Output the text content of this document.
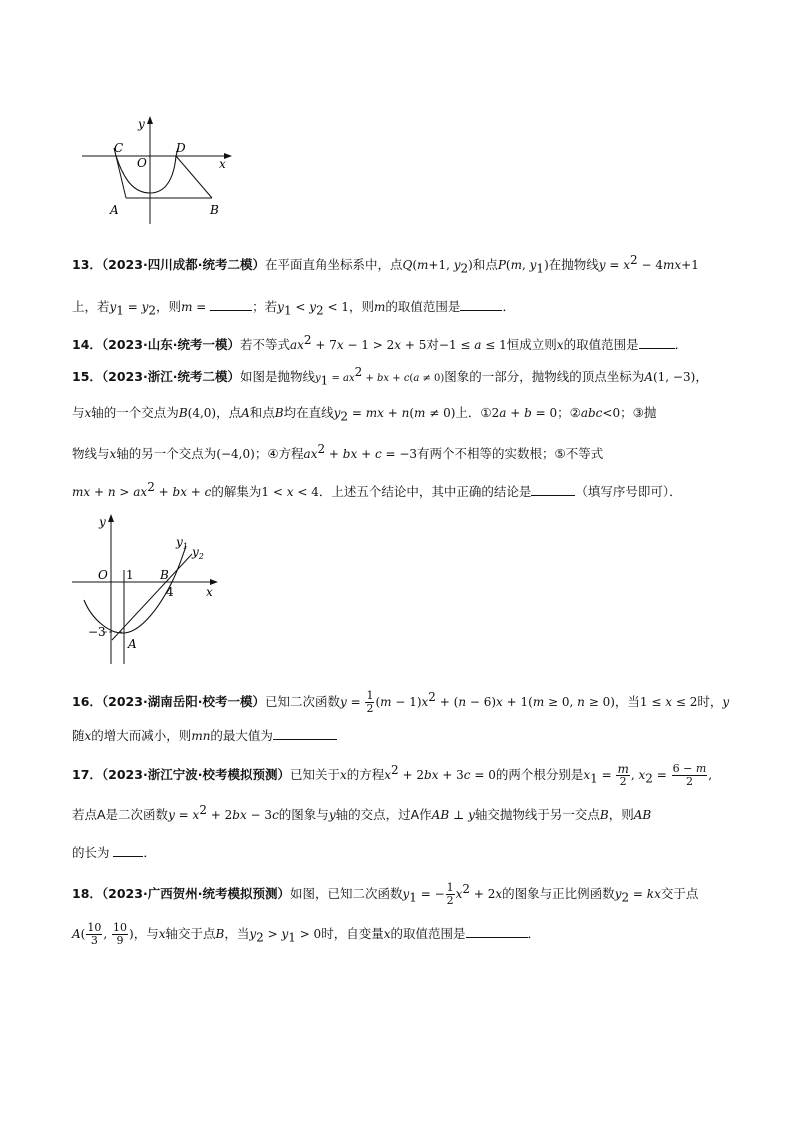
y
x
C
O
D
A	B
13．（2023·四川成都·统考二模）在平面直角坐标系中，点Q(m+1, $y_2$)和点P(m, $y_1$)在抛物线$y = x^2 - 4mx+1$
上，若$y_1 = y_2$，则m =	；若$y_1 < y_2 < 1$，则m的取值范围是	．
14．（2023·山东·统考一模）若不等式$ax^2 + 7x - 1 > 2x + 5$对−1 ≤ a ≤ 1恒成立则x的取值范围是	．
15．（2023·浙江·统考二模）如图是抛物线$y_1 = ax^2$ + bx + c(a ≠ 0)图象的一部分，抛物线的顶点坐标为A(1, −3)，
与x轴的一个交点为B(4,0)，点A和点B均在直线$y_2$ = mx + n(m ≠ 0)上．①2a + b = 0；②abc<0；③抛
物线与x轴的另一个交点为(−4,0)；④方程$ax^2$ + bx + c = −3有两个不相等的实数根；⑤不等式
mx + $n > ax^2$ + bx + c的解集为1 < x < 4．上述五个结论中，其中正确的结论是	（填写序号即可）．
y
x
O 1 B
4
−3
A
$y_1$ $y_2$
16．（2023·湖南岳阳·校考一模）已知二次函数$y = \frac{1}{2} (m - 1)x^2 + (n - 6)x + 1(m \ge 0$, n ≥ 0)，当1 ≤ x ≤ 2时，y
随x的增大而减小，则mn的最大值为
17．（2023·浙江宁波·校考模拟预测）已知关于x的方程$x^2 + 2bx + 3c = 0$的两个根分别是$x_1 = \frac{m}{2}$ , $x_2 = \frac{6 - m}{2}$ ,
若点A是二次函数$y = x^2 + 2bx - 3c$的图象与y轴的交点，过A作AB ⊥ y轴交抛物线于另一交点B，则AB
的长为	．
18．（2023·广西贺州·统考模拟预测）如图，已知二次函数$y_1$ = − $\frac{1}{2} x^2 + 2x$的图象与正比例函数$y_2$ = kx交于点
$A( \frac{10}{3}$ , $\frac{10}{9}$ )，与x轴交于点B，当$y_2 > y_1 > 0$时，自变量x的取值范围是	．
